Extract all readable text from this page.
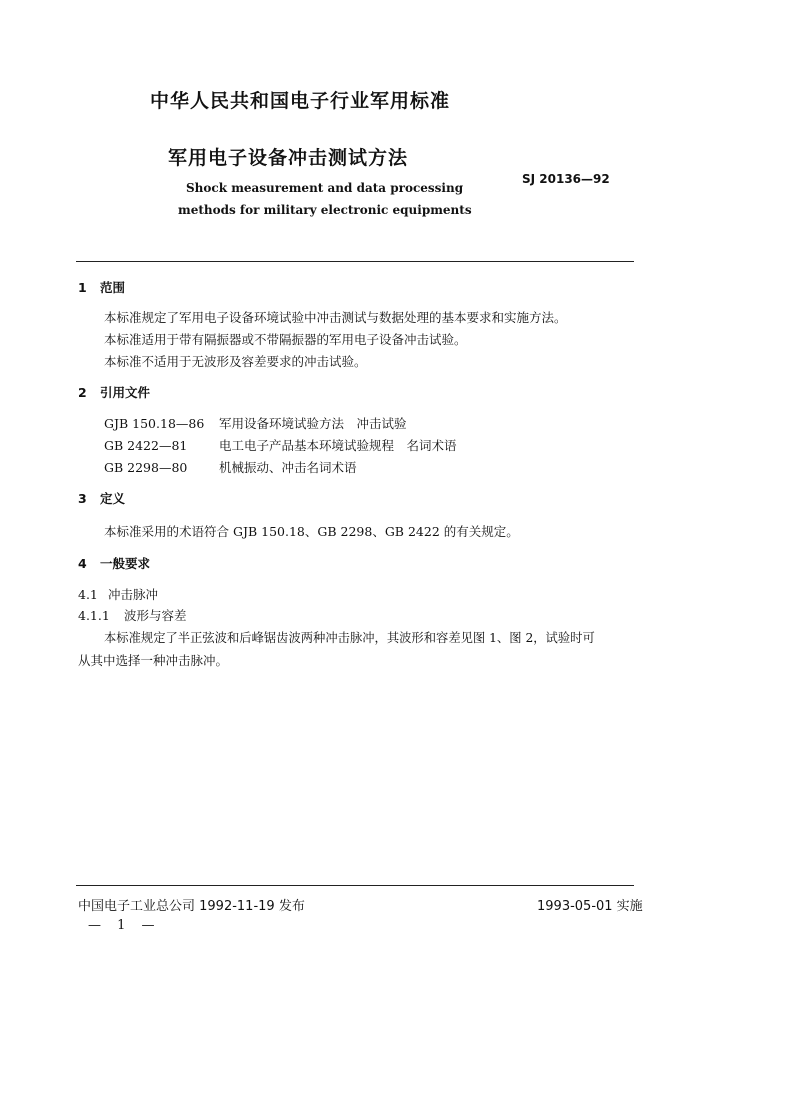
中华人民共和国电子行业军用标准
军用电子设备冲击测试方法
SJ 20136—92
Shock measurement and data processing
methods for military electronic equipments
1 范围
本标准规定了军用电子设备环境试验中冲击测试与数据处理的基本要求和实施方法。
本标准适用于带有隔振器或不带隔振器的军用电子设备冲击试验。
本标准不适用于无波形及容差要求的冲击试验。
2 引用文件
GJB 150.18—86 军用设备环境试验方法　冲击试验
GB 2422—81	电工电子产品基本环境试验规程　名词术语
GB 2298—80	机械振动、冲击名词术语
3 定义
本标准采用的术语符合 GJB 150.18、GB 2298、GB 2422 的有关规定。
4 一般要求
4.1 冲击脉冲
4.1.1 波形与容差
本标准规定了半正弦波和后峰锯齿波两种冲击脉冲，其波形和容差见图 1、图 2，试验时可
从其中选择一种冲击脉冲。
中国电子工业总公司 1992-11-19 发布	1993-05-01 实施
— 1 —
